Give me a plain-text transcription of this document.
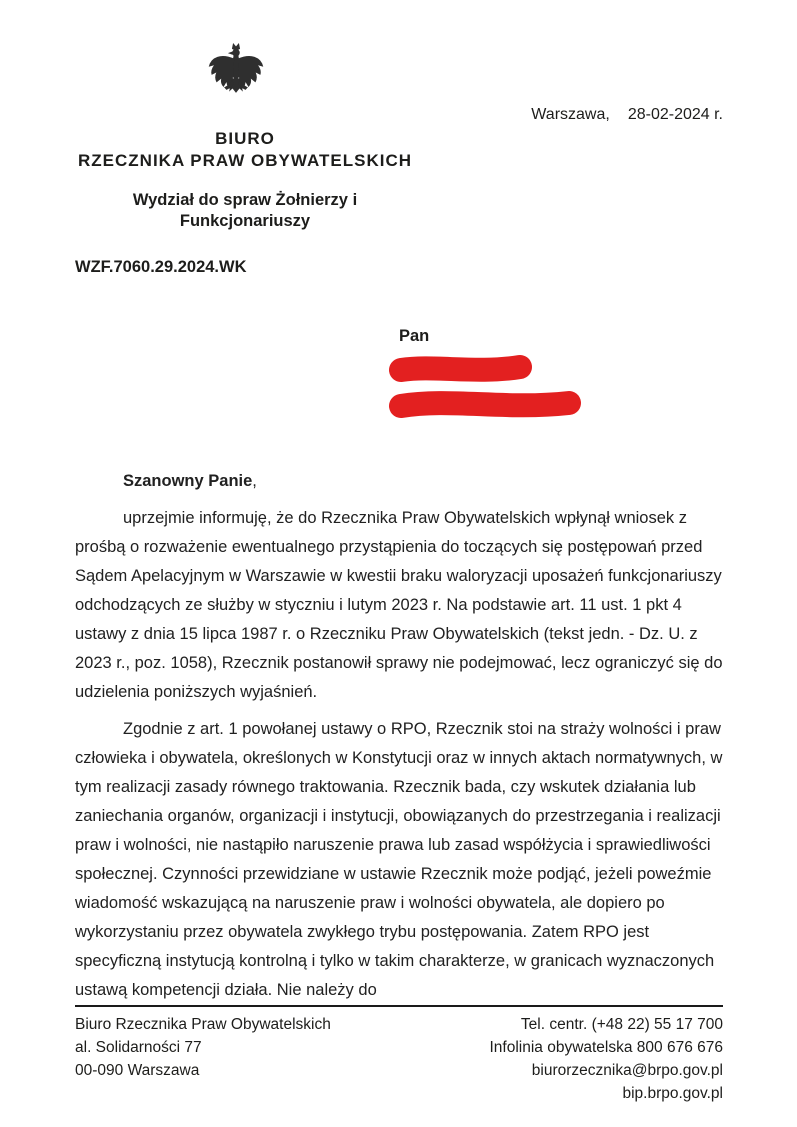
Warszawa, 28-02-2024 r.
BIURO
RZECZNIKA PRAW OBYWATELSKICH
Wydział do spraw Żołnierzy i
Funkcjonariuszy
WZF.7060.29.2024.WK
Pan
Szanowny Panie,

uprzejmie informuję, że do Rzecznika Praw Obywatelskich wpłynął wniosek z prośbą o rozważenie ewentualnego przystąpienia do toczących się postępowań przed Sądem Apelacyjnym w Warszawie w kwestii braku waloryzacji uposażeń funkcjonariuszy odchodzących ze służby w styczniu i lutym 2023 r. Na podstawie art. 11 ust. 1 pkt 4 ustawy z dnia 15 lipca 1987 r. o Rzeczniku Praw Obywatelskich (tekst jedn. - Dz. U. z 2023 r., poz. 1058), Rzecznik postanowił sprawy nie podejmować, lecz ograniczyć się do udzielenia poniższych wyjaśnień.

Zgodnie z art. 1 powołanej ustawy o RPO, Rzecznik stoi na straży wolności i praw człowieka i obywatela, określonych w Konstytucji oraz w innych aktach normatywnych, w tym realizacji zasady równego traktowania. Rzecznik bada, czy wskutek działania lub zaniechania organów, organizacji i instytucji, obowiązanych do przestrzegania i realizacji praw i wolności, nie nastąpiło naruszenie prawa lub zasad współżycia i sprawiedliwości społecznej. Czynności przewidziane w ustawie Rzecznik może podjąć, jeżeli poweźmie wiadomość wskazującą na naruszenie praw i wolności obywatela, ale dopiero po wykorzystaniu przez obywatela zwykłego trybu postępowania. Zatem RPO jest specyficzną instytucją kontrolną i tylko w takim charakterze, w granicach wyznaczonych ustawą kompetencji działa. Nie należy do

Biuro Rzecznika Praw Obywatelskich
al. Solidarności 77
00-090 Warszawa
Tel. centr. (+48 22) 55 17 700
Infolinia obywatelska 800 676 676
biurorzecznika@brpo.gov.pl
bip.brpo.gov.pl
